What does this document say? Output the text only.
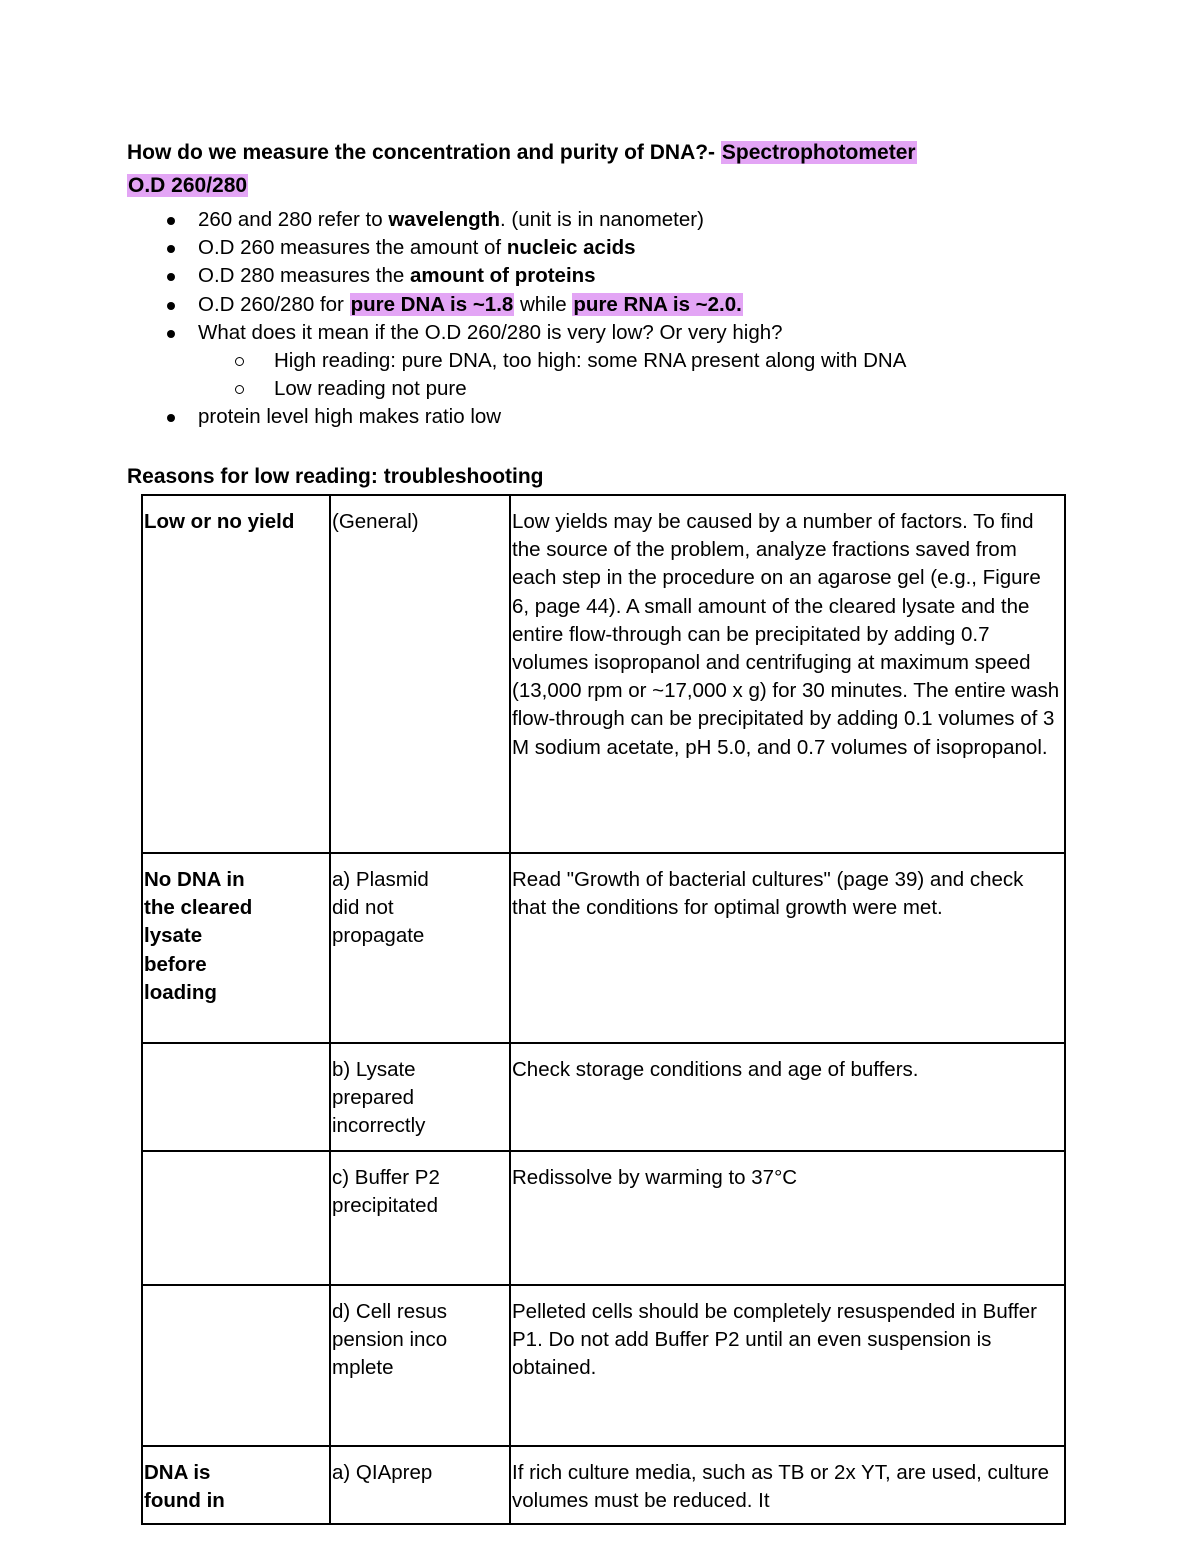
How do we measure the concentration and purity of DNA?- Spectrophotometer
O.D 260/280
260 and 280 refer to wavelength. (unit is in nanometer)
O.D 260 measures the amount of nucleic acids
O.D 280 measures the amount of proteins
O.D 260/280 for pure DNA is ~1.8 while pure RNA is ~2.0.
What does it mean if the O.D 260/280 is very low? Or very high?
High reading: pure DNA, too high: some RNA present along with DNA
Low reading not pure
protein level high makes ratio low
Reasons for low reading: troubleshooting
Low or no yield	(General)	Low yields may be caused by a number of factors. To find the source of the problem, analyze fractions saved from each step in the procedure on an agarose gel (e.g., Figure 6, page 44). A small amount of the cleared lysate and the entire flow-through can be precipitated by adding 0.7 volumes isopropanol and centrifuging at maximum speed (13,000 rpm or ~17,000 x g) for 30 minutes. The entire wash flow-through can be precipitated by adding 0.1 volumes of 3 M sodium acetate, pH 5.0, and 0.7 volumes of isopropanol.
No DNA in the cleared lysate before loading	a) Plasmid did not propagate	Read "Growth of bacterial cultures" (page 39) and check that the conditions for optimal growth were met.
	b) Lysate prepared incorrectly	Check storage conditions and age of buffers.
	c) Buffer P2 precipitated	Redissolve by warming to 37°C
	d) Cell resuspension incomplete	Pelleted cells should be completely resuspended in Buffer P1. Do not add Buffer P2 until an even suspension is obtained.
DNA is found in	a) QIAprep	If rich culture media, such as TB or 2x YT, are used, culture volumes must be reduced. It
